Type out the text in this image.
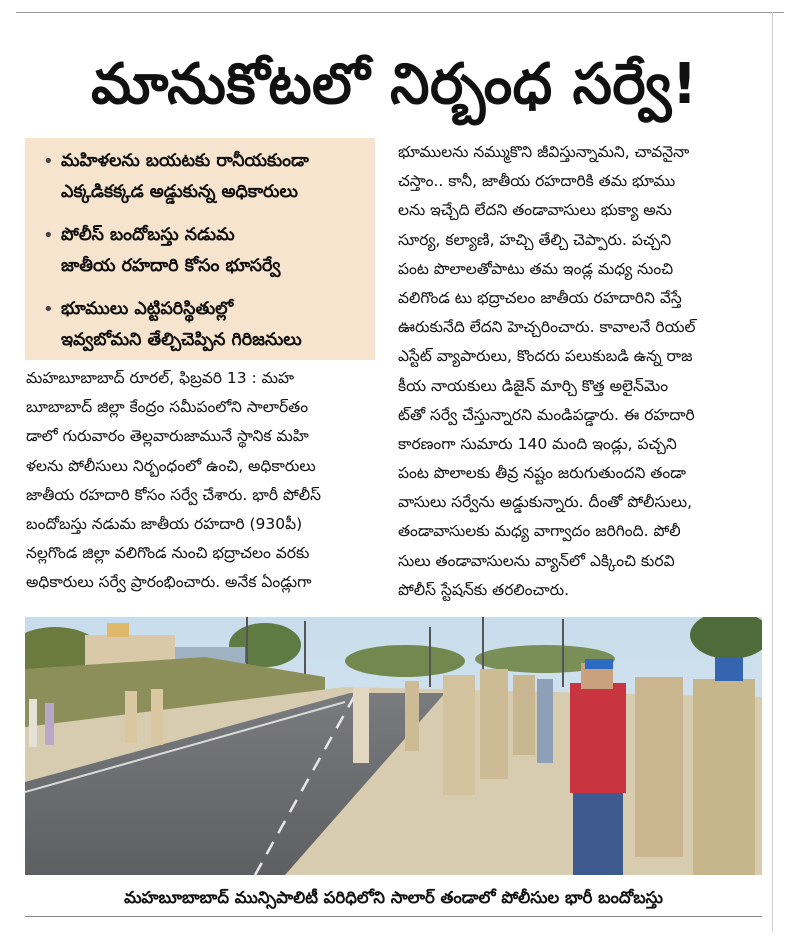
మానుకోటలో నిర్బంధ సర్వే!
• మహిళలను బయటకు రానీయకుండా
ఎక్కడికక్కడ అడ్డుకున్న అధికారులు
• పోలీస్ బందోబస్తు నడుమ
జాతీయ రహదారి కోసం భూసర్వే
• భూములు ఎట్టిపరిస్థితుల్లో
ఇవ్వబోమని తేల్చిచెప్పిన గిరిజనులు
మహబూబాబాద్ రూరల్, ఫిబ్రవరి 13 : మహ
బూబాబాద్ జిల్లా కేంద్రం సమీపంలోని సాలార్‌తం
డాలో గురువారం తెల్లవారుజామునే స్థానిక మహి
ళలను పోలీసులు నిర్బంధంలో ఉంచి, అధికారులు
జాతీయ రహదారి కోసం సర్వే చేశారు. భారీ పోలీస్
బందోబస్తు నడుమ జాతీయ రహదారి (930పీ)
నల్లగొండ జిల్లా వలిగొండ నుంచి భద్రాచలం వరకు
అధికారులు సర్వే ప్రారంభించారు. అనేక ఏండ్లుగా
భూములను నమ్ముకొని జీవిస్తున్నామని, చావనైనా
చస్తాం.. కానీ, జాతీయ రహదారికి తమ భూము
లను ఇచ్చేది లేదని తండావాసులు భుక్యా అను
సూర్య, కల్యాణి, హచ్చి తేల్చి చెప్పారు. పచ్చని
పంట పొలాలతోపాటు తమ ఇండ్ల మధ్య నుంచి
వలిగొండ టు భద్రాచలం జాతీయ రహదారిని వేస్తే
ఊరుకునేది లేదని హెచ్చరించారు. కావాలనే రియల్
ఎస్టేట్ వ్యాపారులు, కొందరు పలుకుబడి ఉన్న రాజ
కీయ నాయకులు డిజైన్ మార్చి కొత్త అలైన్‌మెం
ట్‌తో సర్వే చేస్తున్నారని మండిపడ్డారు. ఈ రహదారి
కారణంగా సుమారు 140 మంది ఇండ్లు, పచ్చని
పంట పొలాలకు తీవ్ర నష్టం జరుగుతుందని తండా
వాసులు సర్వేను అడ్డుకున్నారు. దీంతో పోలీసులు,
తండావాసులకు మధ్య వాగ్వాదం జరిగింది. పోలీ
సులు తండావాసులను వ్యాన్‌లో ఎక్కించి కురవి
పోలీస్ స్టేషన్‌కు తరలించారు.
మహబూబాబాద్ మున్సిపాలిటీ పరిధిలోని సాలార్ తండాలో పోలీసుల భారీ బందోబస్తు
